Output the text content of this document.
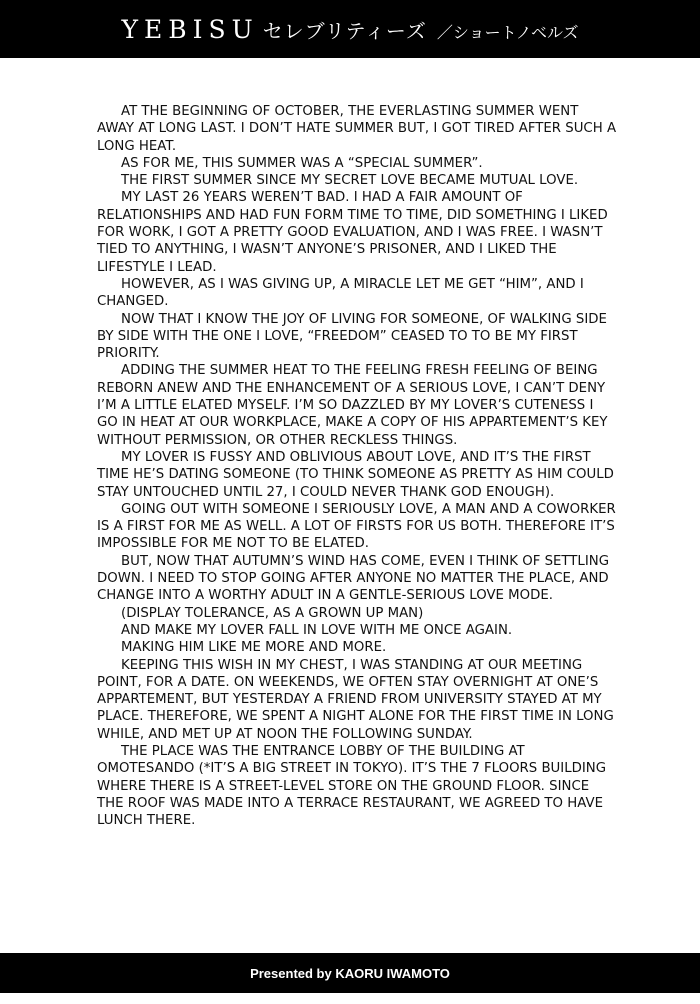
YEBISU セレブリティーズ ／ショートノベルズ

AT THE BEGINNING OF OCTOBER, THE EVERLASTING SUMMER WENT AWAY AT LONG LAST. I DON’T HATE SUMMER BUT, I GOT TIRED AFTER SUCH A LONG HEAT.

AS FOR ME, THIS SUMMER WAS A “SPECIAL SUMMER”.

THE FIRST SUMMER SINCE MY SECRET LOVE BECAME MUTUAL LOVE.

MY LAST 26 YEARS WEREN’T BAD. I HAD A FAIR AMOUNT OF RELATIONSHIPS AND HAD FUN FORM TIME TO TIME, DID SOMETHING I LIKED FOR WORK, I GOT A PRETTY GOOD EVALUATION, AND I WAS FREE. I WASN’T TIED TO ANYTHING, I WASN’T ANYONE’S PRISONER, AND I LIKED THE LIFESTYLE I LEAD.

HOWEVER, AS I WAS GIVING UP, A MIRACLE LET ME GET “HIM”, AND I CHANGED.

NOW THAT I KNOW THE JOY OF LIVING FOR SOMEONE, OF WALKING SIDE BY SIDE WITH THE ONE I LOVE, “FREEDOM” CEASED TO TO BE MY FIRST PRIORITY.

ADDING THE SUMMER HEAT TO THE FEELING FRESH FEELING OF BEING REBORN ANEW AND THE ENHANCEMENT OF A SERIOUS LOVE, I CAN’T DENY I’M A LITTLE ELATED MYSELF. I’M SO DAZZLED BY MY LOVER’S CUTENESS I GO IN HEAT AT OUR WORKPLACE, MAKE A COPY OF HIS APPARTEMENT’S KEY WITHOUT PERMISSION, OR OTHER RECKLESS THINGS.

MY LOVER IS FUSSY AND OBLIVIOUS ABOUT LOVE, AND IT’S THE FIRST TIME HE’S DATING SOMEONE (TO THINK SOMEONE AS PRETTY AS HIM COULD STAY UNTOUCHED UNTIL 27, I COULD NEVER THANK GOD ENOUGH).

GOING OUT WITH SOMEONE I SERIOUSLY LOVE, A MAN AND A COWORKER IS A FIRST FOR ME AS WELL. A LOT OF FIRSTS FOR US BOTH. THEREFORE IT’S IMPOSSIBLE FOR ME NOT TO BE ELATED.

BUT, NOW THAT AUTUMN’S WIND HAS COME, EVEN I THINK OF SETTLING DOWN. I NEED TO STOP GOING AFTER ANYONE NO MATTER THE PLACE, AND CHANGE INTO A WORTHY ADULT IN A GENTLE-SERIOUS LOVE MODE.

(DISPLAY TOLERANCE, AS A GROWN UP MAN)

AND MAKE MY LOVER FALL IN LOVE WITH ME ONCE AGAIN.

MAKING HIM LIKE ME MORE AND MORE.

KEEPING THIS WISH IN MY CHEST, I WAS STANDING AT OUR MEETING POINT, FOR A DATE. ON WEEKENDS, WE OFTEN STAY OVERNIGHT AT ONE’S APPARTEMENT, BUT YESTERDAY A FRIEND FROM UNIVERSITY STAYED AT MY PLACE. THEREFORE, WE SPENT A NIGHT ALONE FOR THE FIRST TIME IN LONG WHILE, AND MET UP AT NOON THE FOLLOWING SUNDAY.

THE PLACE WAS THE ENTRANCE LOBBY OF THE BUILDING AT OMOTESANDO (*IT’S A BIG STREET IN TOKYO). IT’S THE 7 FLOORS BUILDING WHERE THERE IS A STREET-LEVEL STORE ON THE GROUND FLOOR. SINCE THE ROOF WAS MADE INTO A TERRACE RESTAURANT, WE AGREED TO HAVE LUNCH THERE.

Presented by KAORU IWAMOTO
